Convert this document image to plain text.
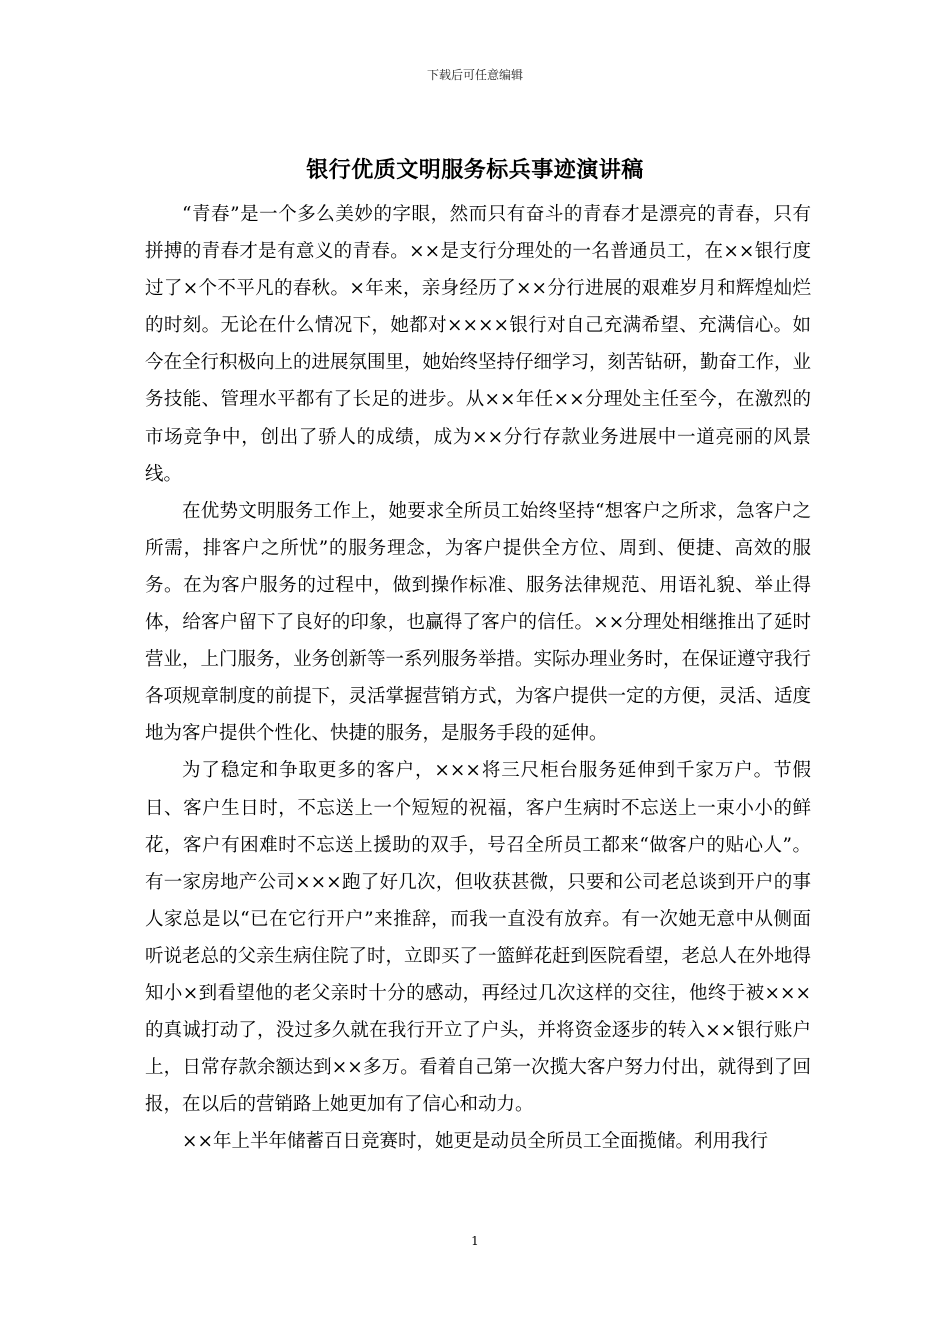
下载后可任意编辑
银行优质文明服务标兵事迹演讲稿

“青春”是一个多么美妙的字眼，然而只有奋斗的青春才是漂亮的青春，只有拼搏的青春才是有意义的青春。××是支行分理处的一名普通员工，在××银行度过了×个不平凡的春秋。×年来，亲身经历了××分行进展的艰难岁月和辉煌灿烂的时刻。无论在什么情况下，她都对××××银行对自己充满希望、充满信心。如今在全行积极向上的进展氛围里，她始终坚持仔细学习，刻苦钻研，勤奋工作，业务技能、管理水平都有了长足的进步。从××年任××分理处主任至今，在激烈的市场竞争中，创出了骄人的成绩，成为××分行存款业务进展中一道亮丽的风景线。

在优势文明服务工作上，她要求全所员工始终坚持“想客户之所求，急客户之所需，排客户之所忧”的服务理念，为客户提供全方位、周到、便捷、高效的服务。在为客户服务的过程中，做到操作标准、服务法律规范、用语礼貌、举止得体，给客户留下了良好的印象，也赢得了客户的信任。××分理处相继推出了延时营业，上门服务，业务创新等一系列服务举措。实际办理业务时，在保证遵守我行各项规章制度的前提下，灵活掌握营销方式，为客户提供一定的方便，灵活、适度地为客户提供个性化、快捷的服务，是服务手段的延伸。

为了稳定和争取更多的客户，×××将三尺柜台服务延伸到千家万户。节假日、客户生日时，不忘送上一个短短的祝福，客户生病时不忘送上一束小小的鲜花，客户有困难时不忘送上援助的双手，号召全所员工都来“做客户的贴心人”。有一家房地产公司×××跑了好几次，但收获甚微，只要和公司老总谈到开户的事人家总是以“已在它行开户”来推辞，而我一直没有放弃。有一次她无意中从侧面听说老总的父亲生病住院了时，立即买了一篮鲜花赶到医院看望，老总人在外地得知小×到看望他的老父亲时十分的感动，再经过几次这样的交往，他终于被×××的真诚打动了，没过多久就在我行开立了户头，并将资金逐步的转入××银行账户上，日常存款余额达到××多万。看着自己第一次揽大客户努力付出，就得到了回报，在以后的营销路上她更加有了信心和动力。

××年上半年储蓄百日竞赛时，她更是动员全所员工全面揽储。利用我行

1
